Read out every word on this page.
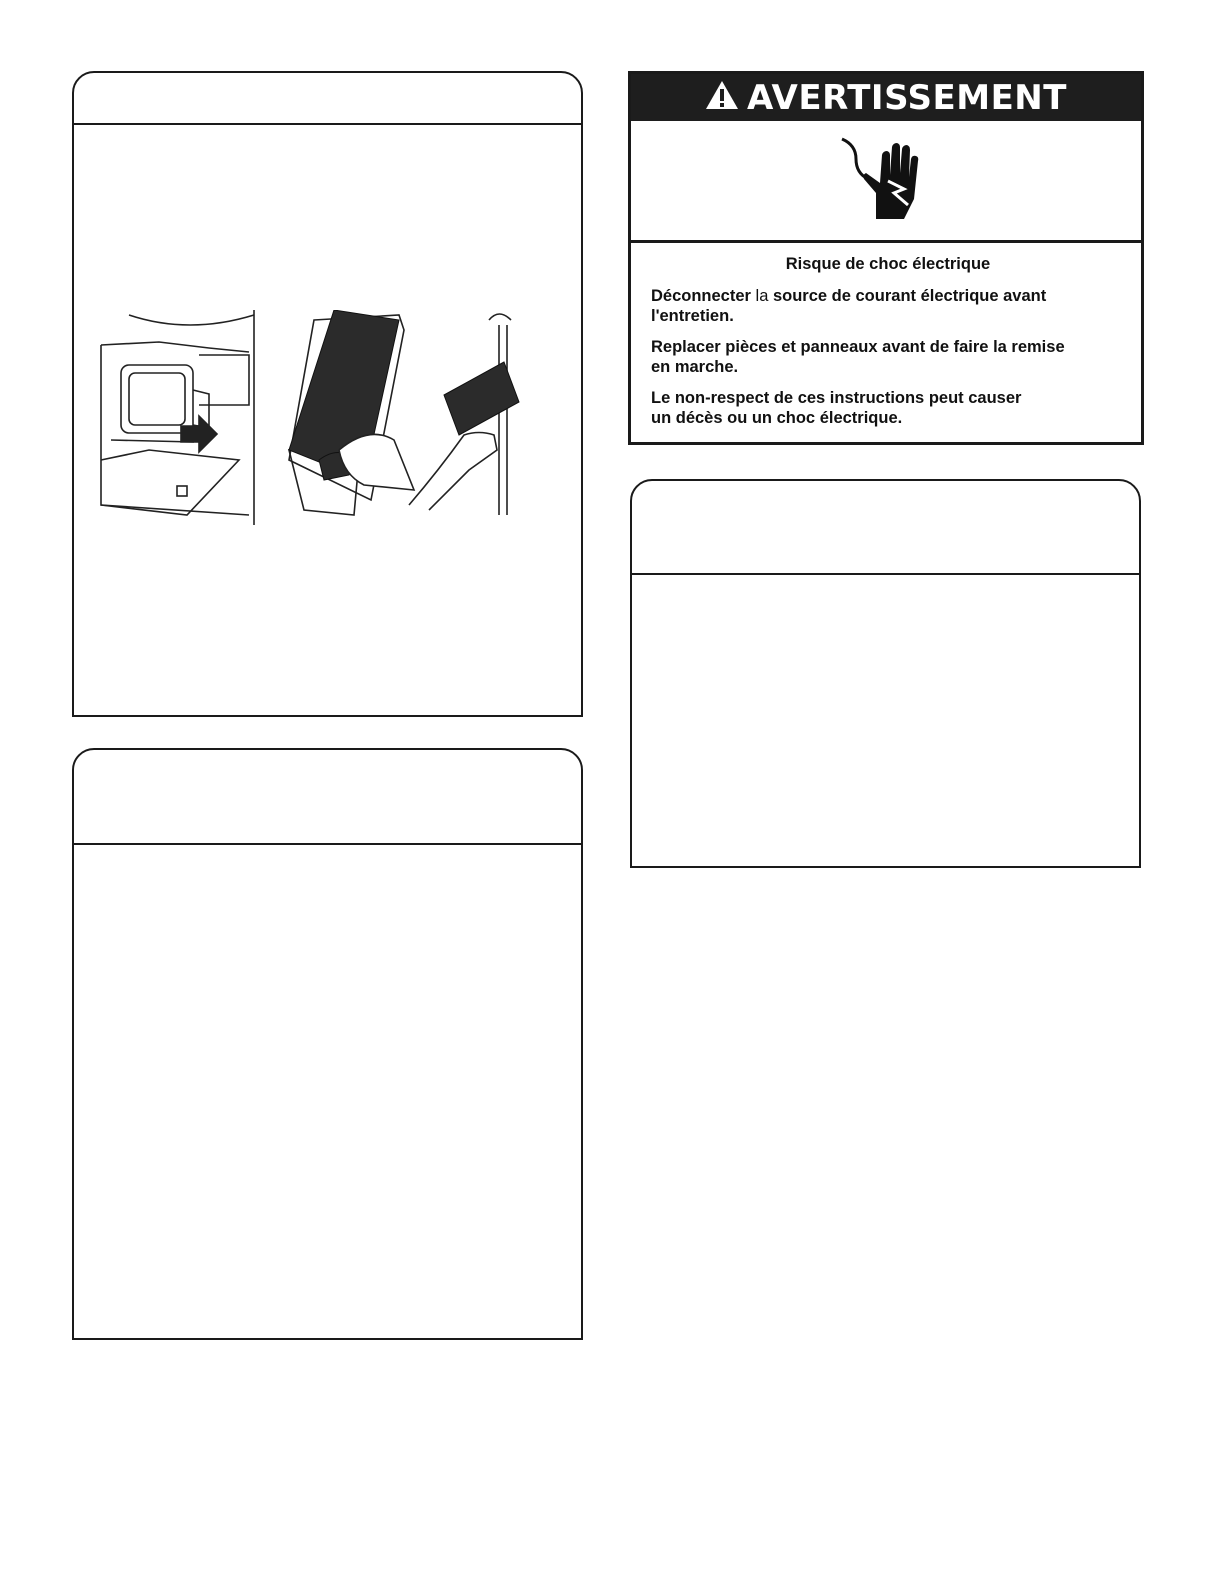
AVERTISSEMENT

Risque de choc électrique

Déconnecter la source de courant électrique avant
l'entretien.

Replacer pièces et panneaux avant de faire la remise
en marche.

Le non-respect de ces instructions peut causer
un décès ou un choc électrique.
